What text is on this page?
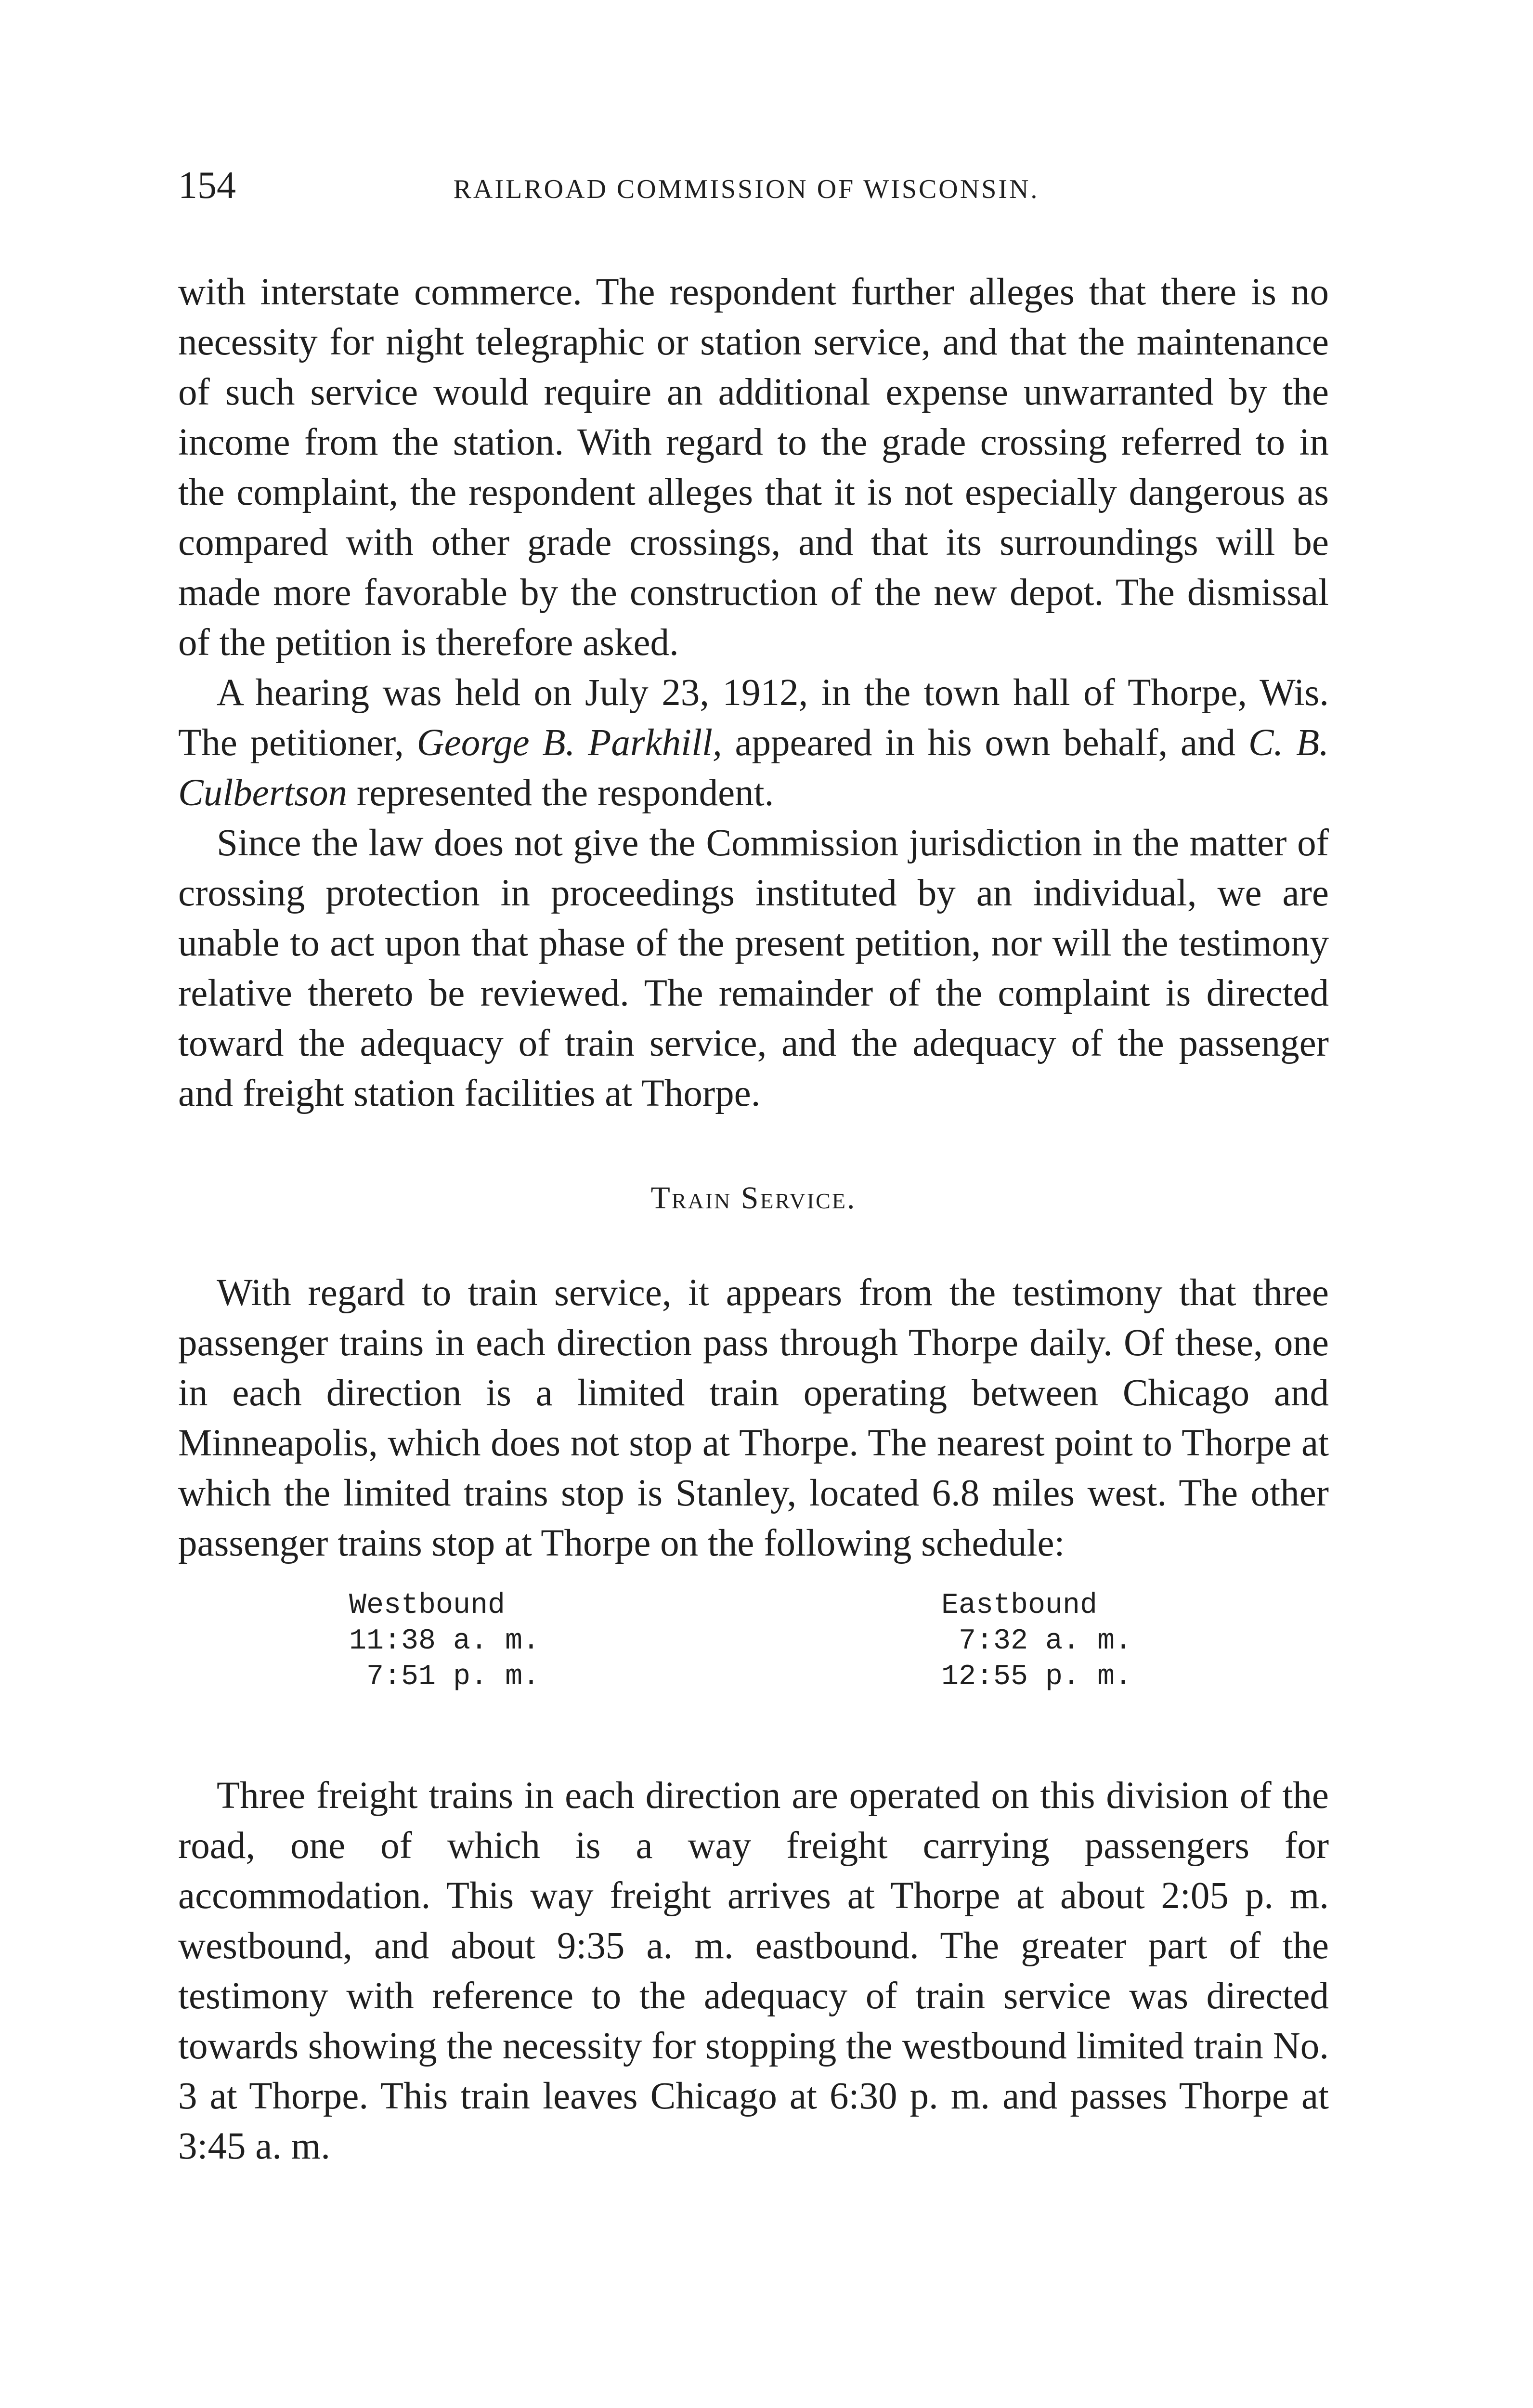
154	RAILROAD COMMISSION OF WISCONSIN.

with interstate commerce. The respondent further alleges that there is no necessity for night telegraphic or station service, and that the maintenance of such service would require an additional expense unwarranted by the income from the station. With regard to the grade crossing referred to in the complaint, the respondent alleges that it is not especially dangerous as compared with other grade crossings, and that its surroundings will be made more favorable by the construction of the new depot. The dismissal of the petition is therefore asked.

A hearing was held on July 23, 1912, in the town hall of Thorpe, Wis. The petitioner, George B. Parkhill, appeared in his own behalf, and C. B. Culbertson represented the respondent.

Since the law does not give the Commission jurisdiction in the matter of crossing protection in proceedings instituted by an individual, we are unable to act upon that phase of the present petition, nor will the testimony relative thereto be reviewed. The remainder of the complaint is directed toward the adequacy of train service, and the adequacy of the passenger and freight station facilities at Thorpe.

Train Service.

With regard to train service, it appears from the testimony that three passenger trains in each direction pass through Thorpe daily. Of these, one in each direction is a limited train operating between Chicago and Minneapolis, which does not stop at Thorpe. The nearest point to Thorpe at which the limited trains stop is Stanley, located 6.8 miles west. The other passenger trains stop at Thorpe on the following schedule:

Westbound
11:38 a. m.
7:51 p. m.
Eastbound
7:32 a. m.
12:55 p. m.

Three freight trains in each direction are operated on this division of the road, one of which is a way freight carrying passengers for accommodation. This way freight arrives at Thorpe at about 2:05 p. m. westbound, and about 9:35 a. m. eastbound. The greater part of the testimony with reference to the adequacy of train service was directed towards showing the necessity for stopping the westbound limited train No. 3 at Thorpe. This train leaves Chicago at 6:30 p. m. and passes Thorpe at 3:45 a. m.
